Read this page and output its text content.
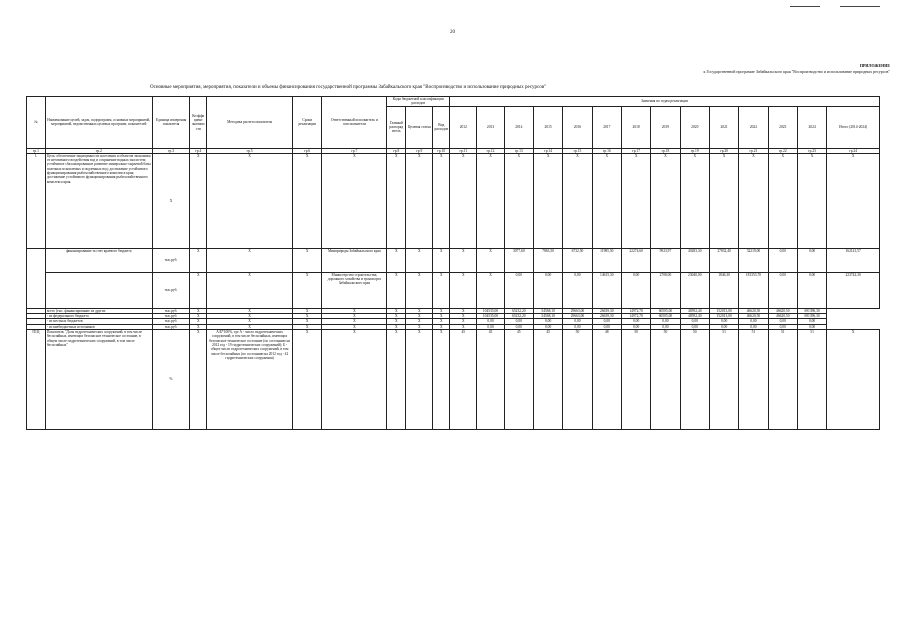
20
ПРИЛОЖЕНИЕ
к Государственной программе Забайкальского края "Воспроизводство и использование природных ресурсов"
Основные мероприятия, мероприятия, показатели и объемы финансирования государственной программы Забайкальского края "Воспроизводство и использование природных ресурсов"
№	Наименование целей, задач, подпрограмм, основных мероприятий, мероприятий, ведомственных целевых программ, показателей	Единица измерения показателя	Коэффициент значимости	Методика расчета показателя	Сроки реализации	Ответственный исполнитель и соисполнители	Коды бюджетной классификации расходов			Значения по годам реализации													
							Главный распорядитель	Целевая статья	Вид расходов	2012	2013	2014	2015	2016	2017	2018	2019	2020	2021	2022	2023	2024	Итого (2014-2024)
гр.1	гр.2	гр.3	гр.4	гр.5	гр.6	гр.7	гр.8	гр.9	гр.10	гр.11	гр.12	гр.13	гр.14	гр.15	гр.16	гр.17	гр.18	гр.19	гр.20	гр.21	гр.22	гр.23	гр.24
1.	Цель: обеспечение защищенности населения и объектов экономики от негативного воздействия вод и сохранение водных экосистем; устойчивое сбалансированное развитие минерально-сырьевой базы полезных ископаемых и подземных вод; достижение устойчивого функционирования рыбохозяйственного комплекса края; достижение устойчивого функционирования рыбохозяйственного комплекса края.	X	X	X	X	X	X	X	X	X	X	X	X	X	X	X	X	X	X	X	X	X	X
	финансирование за счет краевого бюджета	тыс.руб.	X	X	X	Минприроды Забайкальского края	X	X	X	X	X	3077,60	7863,50	6732,50	11985,50	22274,60	9923,97	40283,30	27832,40	32219,00	0,00	0,00	162141,57
		тыс.руб.	X	X	X	Министерство строительства, дорожного хозяйства и транспорта Забайкальского края	X	X	X	X	X	0,00	0,00	0,00	14615,30	0,00	2708,00	23040,00	1846,30	181353,70	0,00	0,00	223742,30
	всего (тыс. финансирование из других	тыс.руб.	X	X	X	X	X	X	X	X	104535,00	65232,20	54568,10	29663,00	26639,30	14972,70	60505,00	48592,40	152013,00	46620,50	46620,50	691396,30	
	- из федерального бюджета	тыс.руб.	X	X	X	X	X	X	X	X	104535,00	65232,20	54568,10	29663,00	26639,30	14972,70	60505,00	48592,40	152013,00	46620,50	46620,50	691396,30	
	- из местных бюджетов	тыс.руб.	X	X	X	X	X	X	X	X	0,00	0,00	0,00	0,00	0,00	0,00	0,00	0,00	0,00	0,00	0,00	0,00	
	- из внебюджетных источников	тыс.руб.	X	X	X	X	X	X	X	X	0,00	0,00	0,00	0,00	0,00	0,00	0,00	0,00	0,00	0,00	0,00	0,00	
П1Ц	Показатель "Доля гидротехнических сооружений, в том числе бесхозяйных, имеющих безопасное техническое состояние, в общем числе гидротехнических сооружений, в том числе бесхозяйных"	%	X	A/Б*100%, где А - число гидротехнических сооружений, в том числе бесхозяйных, имеющих безопасное техническое состояние (по состоянию на 2012 год - 19 гидротехнических сооружений); Б - общее число гидротехнических сооружений, в том числе бесхозяйных (по состоянию на 2012 год - 42 гидротехнических сооружения)	X	X	X	X	X	45	45	45	45	50	48	50	50	50	51	51	51	51	X
